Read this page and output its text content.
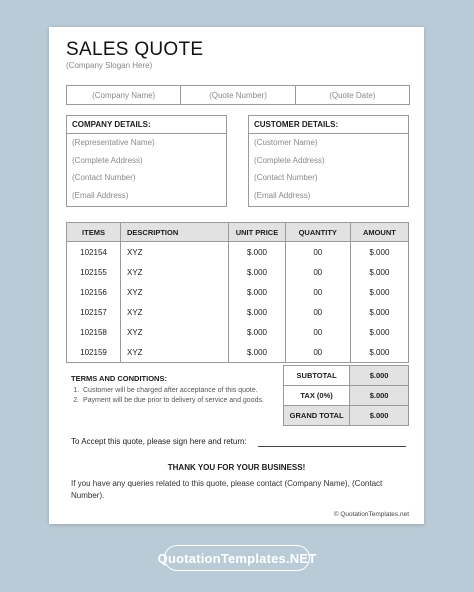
SALES QUOTE
(Company Slogan Here)
(Company Name)	(Quote Number)	(Quote Date)
COMPANY DETAILS:
(Representative Name)
(Complete Address)
(Contact Number)
(Email Address)
CUSTOMER DETAILS:
(Customer Name)
(Complete Address)
(Contact Number)
(Email Address)
ITEMS	DESCRIPTION	UNIT PRICE	QUANTITY	AMOUNT
102154	XYZ	$.000	00	$.000
102155	XYZ	$.000	00	$.000
102156	XYZ	$.000	00	$.000
102157	XYZ	$.000	00	$.000
102158	XYZ	$.000	00	$.000
102159	XYZ	$.000	00	$.000
TERMS AND CONDITIONS:
1. Customer will be charged after acceptance of this quote.
2. Payment will be due prior to delivery of service and goods.
SUBTOTAL	$.000
TAX (0%)	$.000
GRAND TOTAL	$.000
To Accept this quote, please sign here and return:
THANK YOU FOR YOUR BUSINESS!
If you have any queries related to this quote, please contact (Company Name), (Contact Number).
© QuotationTemplates.net
QuotationTemplates.NET
